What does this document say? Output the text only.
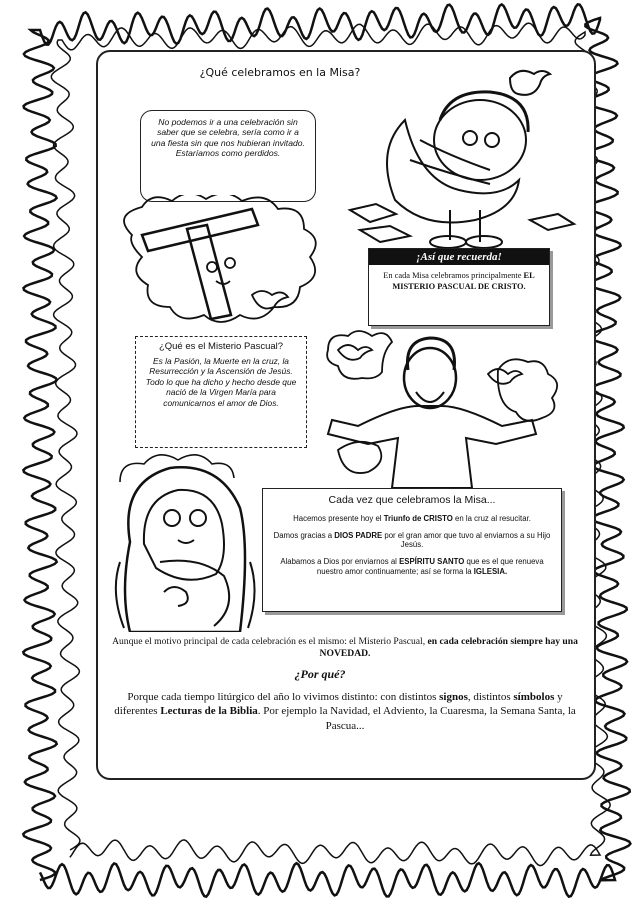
¿Qué celebramos en la Misa?

No podemos ir a una celebración sin saber que se celebra, sería como ir a una fiesta sin que nos hubieran invitado. Estaríamos como perdidos.

¡Así que recuerda!

En cada Misa celebramos principalmente EL MISTERIO PASCUAL DE CRISTO.

¿Qué es el Misterio Pascual?

Es la Pasión, la Muerte en la cruz, la Resurrección y la Ascensión de Jesús. Todo lo que ha dicho y hecho desde que nació de la Virgen María para comunicarnos el amor de Dios.

Cada vez que celebramos la Misa...

Hacemos presente hoy el Triunfo de CRISTO en la cruz al resucitar.

Damos gracias a DIOS PADRE por el gran amor que tuvo al enviarnos a su Hijo Jesús.

Alabamos a Dios por enviarnos al ESPÍRITU SANTO que es el que renueva nuestro amor continuamente; así se forma la IGLESIA.

Aunque el motivo principal de cada celebración es el mismo: el Misterio Pascual, en cada celebración siempre hay una NOVEDAD.

¿Por qué?

Porque cada tiempo litúrgico del año lo vivimos distinto: con distintos signos, distintos símbolos y diferentes Lecturas de la Biblia. Por ejemplo la Navidad, el Adviento, la Cuaresma, la Semana Santa, la Pascua...
